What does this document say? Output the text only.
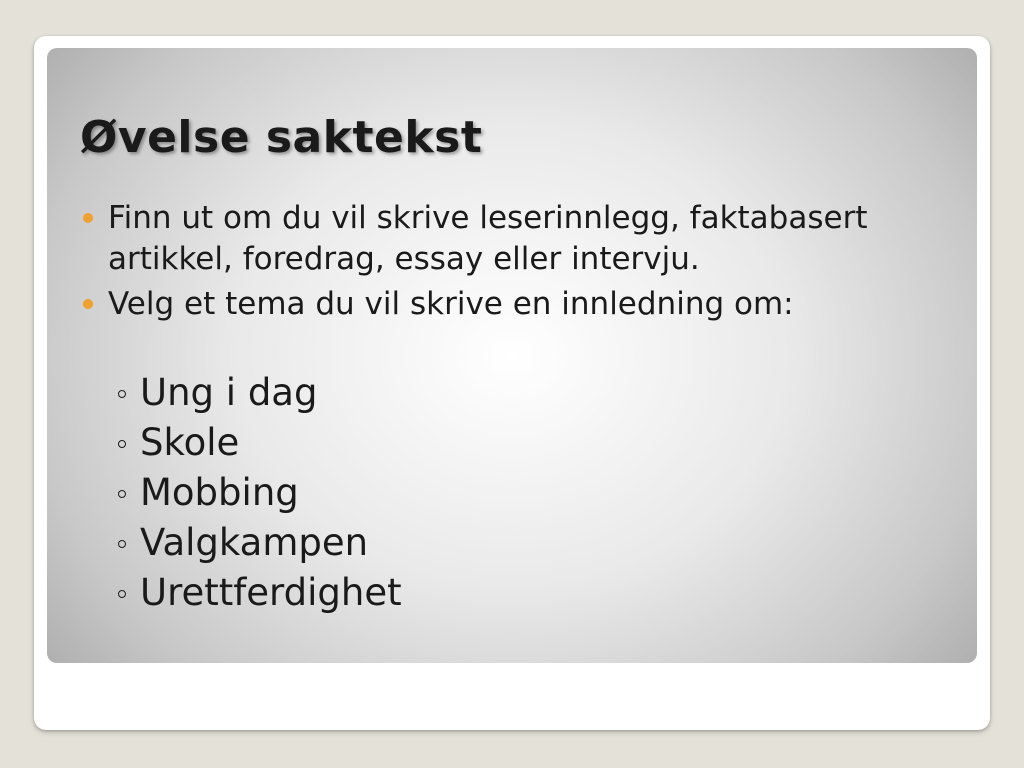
Øvelse saktekst
Finn ut om du vil skrive leserinnlegg, faktabasert artikkel, foredrag, essay eller intervju.
Velg et tema du vil skrive en innledning om:
Ung i dag
Skole
Mobbing
Valgkampen
Urettferdighet
